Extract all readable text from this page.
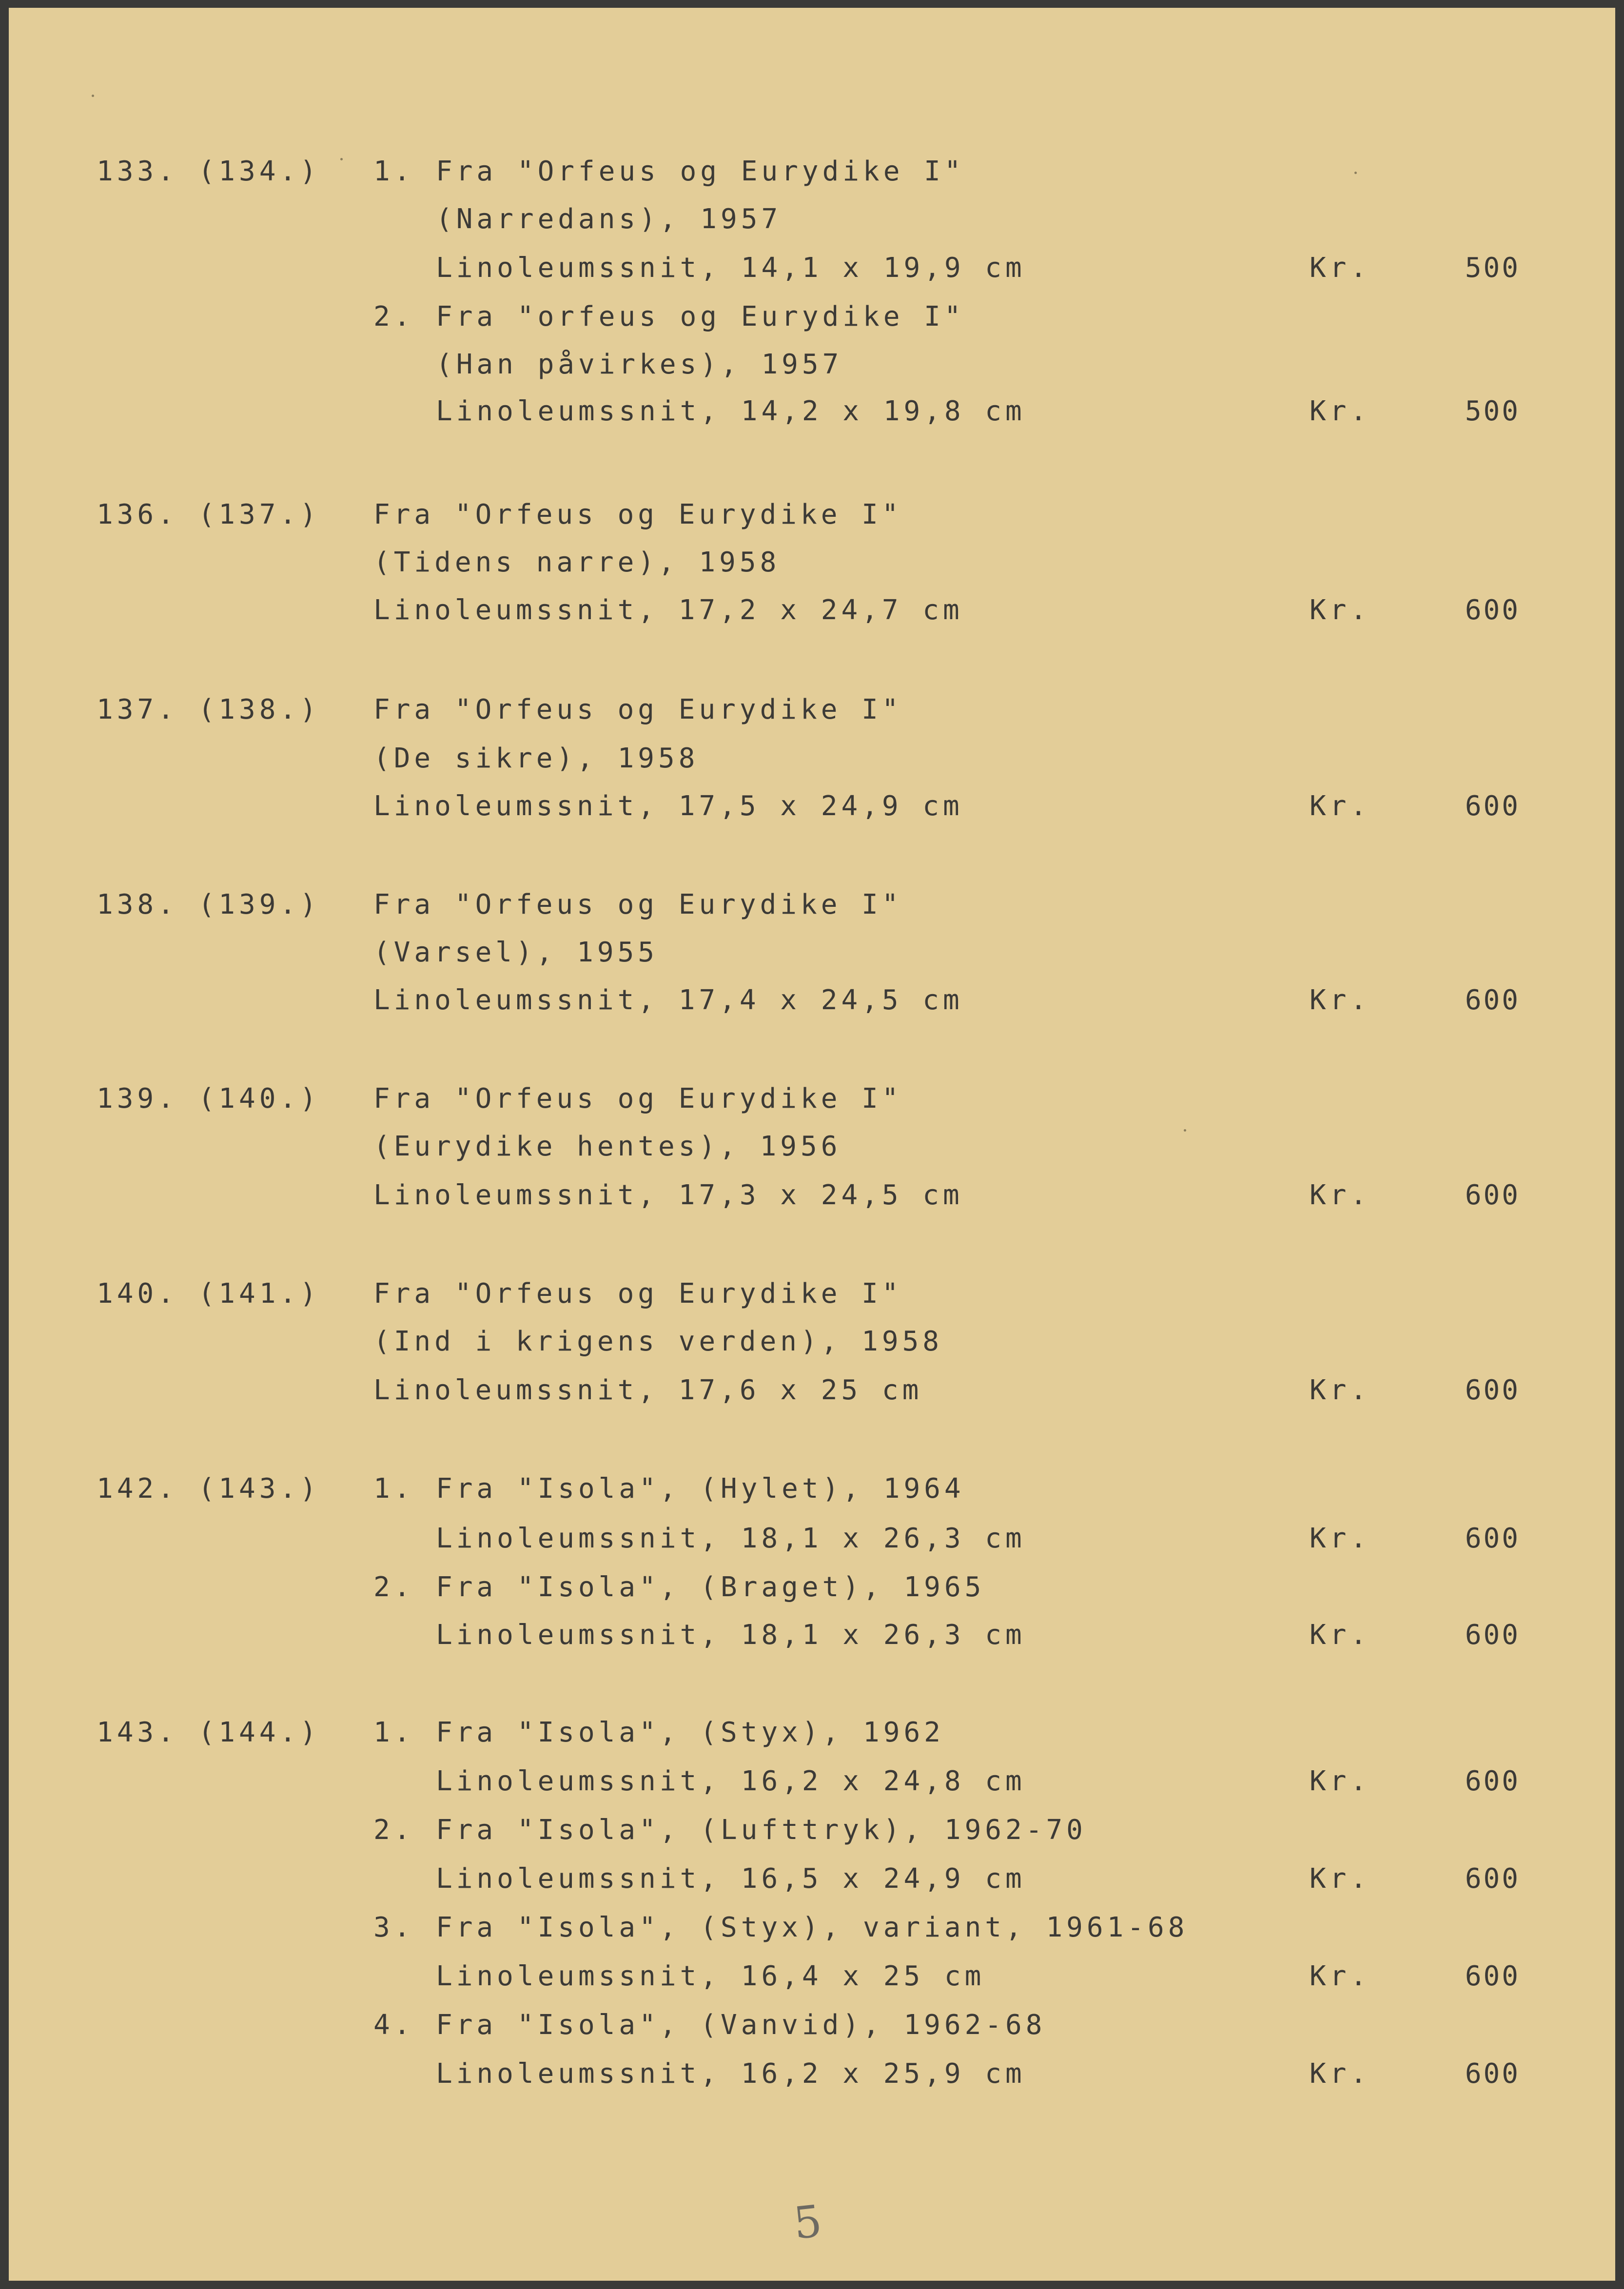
133. (134.) 1. Fra "Orfeus og Eurydike I"
(Narredans), 1957
Linoleumssnit, 14,1 x 19,9 cm	Kr.	500
2. Fra "orfeus og Eurydike I"
(Han påvirkes), 1957
Linoleumssnit, 14,2 x 19,8 cm	Kr.	500
136. (137.) Fra "Orfeus og Eurydike I"
(Tidens narre), 1958
Linoleumssnit, 17,2 x 24,7 cm	Kr.	600
137. (138.) Fra "Orfeus og Eurydike I"
(De sikre), 1958
Linoleumssnit, 17,5 x 24,9 cm	Kr.	600
138. (139.) Fra "Orfeus og Eurydike I"
(Varsel), 1955
Linoleumssnit, 17,4 x 24,5 cm	Kr.	600
139. (140.) Fra "Orfeus og Eurydike I"
(Eurydike hentes), 1956
Linoleumssnit, 17,3 x 24,5 cm	Kr.	600
140. (141.) Fra "Orfeus og Eurydike I"
(Ind i krigens verden), 1958
Linoleumssnit, 17,6 x 25 cm	Kr.	600
142. (143.) 1. Fra "Isola", (Hylet), 1964
Linoleumssnit, 18,1 x 26,3 cm	Kr.	600
2. Fra "Isola", (Braget), 1965
Linoleumssnit, 18,1 x 26,3 cm	Kr.	600
143. (144.) 1. Fra "Isola", (Styx), 1962
Linoleumssnit, 16,2 x 24,8 cm	Kr.	600
2. Fra "Isola", (Lufttryk), 1962-70
Linoleumssnit, 16,5 x 24,9 cm	Kr.	600
3. Fra "Isola", (Styx), variant, 1961-68
Linoleumssnit, 16,4 x 25 cm	Kr.	600
4. Fra "Isola", (Vanvid), 1962-68
Linoleumssnit, 16,2 x 25,9 cm	Kr.	600
5
